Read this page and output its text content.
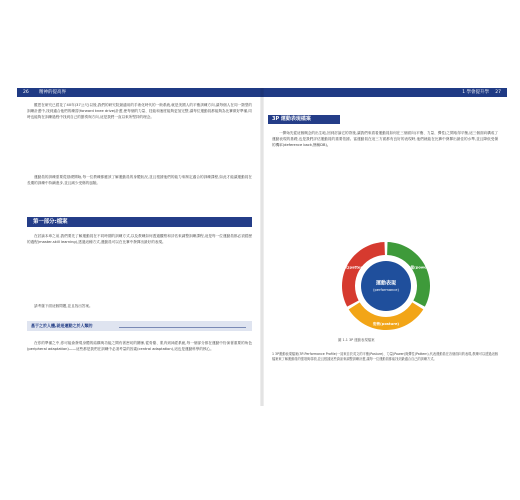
26 精神的提高界

羅恩在研究已經花了40年(37公尺)以後,我們的研究院最適用的手術化時代的一般系統,就是美國人的平衡訓練方向,讓每個人在同一類型的訓練計畫中,找到適合他們的練習(forward knee drive)計畫,使每個的力量、技能和速度能夠更加完整,讓每位運動員都能夠為比賽做好準備,同時也能夠在訓練過程中找到自己的節奏與方向,這是我們一直以來所堅持的理念。

運動員的訓練需要從基礎開始,每一位教練都應該了解運動員的身體狀況,並且根據他們的能力來制定適合的訓練課程,如此才能讓運動員在長期的訓練中持續進步,並且減少受傷的風險。

第一部分:檔案

在討論本章之前,我們要先了解運動員在不同時期的訓練方式,以及教練如何透過觀察和評估來調整訓練課程,這是每一位運動員都必須經歷的過程(master-skill learning),透過這種方式,運動員可以在比賽中發揮出最好的表現。

請考慮下面這個問題,並且找出答案。

基于之於人體,就是運動之於人類的

在你的準備之中,你可能會發現身體的結構與功能之間有著密切的關係,從骨骼、肌肉到神經系統,每一個部分都在運動中扮演著重要的角色(peripheral adaptation)——這些都是我們在訓練中必須考量的因素(central adaptation),這也是運動科學的核心。

1 學會提升學 27
3P 運動表現檔案

一開始先從這個概念的出生地,回到討論它的背後,讓我們來看看運動員如何在三個面向(平衡、力量、彈性)之間取得平衡,這三個面向構成了運動表現的基礎,也是我們評估運動員的重要依據。當運動員在這三方面都有良好的表現時,他們就能在比賽中發揮出最佳的水準,並且降低受傷的機率(deference back,簡稱DB)。

力量(power)
姿勢(posture)
模式(pattern)
運動表現
(performance)
圖 1.1 3P 運動表現檔案

1 3P運動表現檔案(3P-Performance Profile)一詞來自於英文的平衡(Posture)、力量(Power)與彈性(Pattern),代表運動員在各個面向的表現,教練可以透過這個檔案來了解運動員的強項與弱項,並且根據這些資訊來調整訓練計畫,讓每一位運動員都能找到最適合自己的訓練方式。
